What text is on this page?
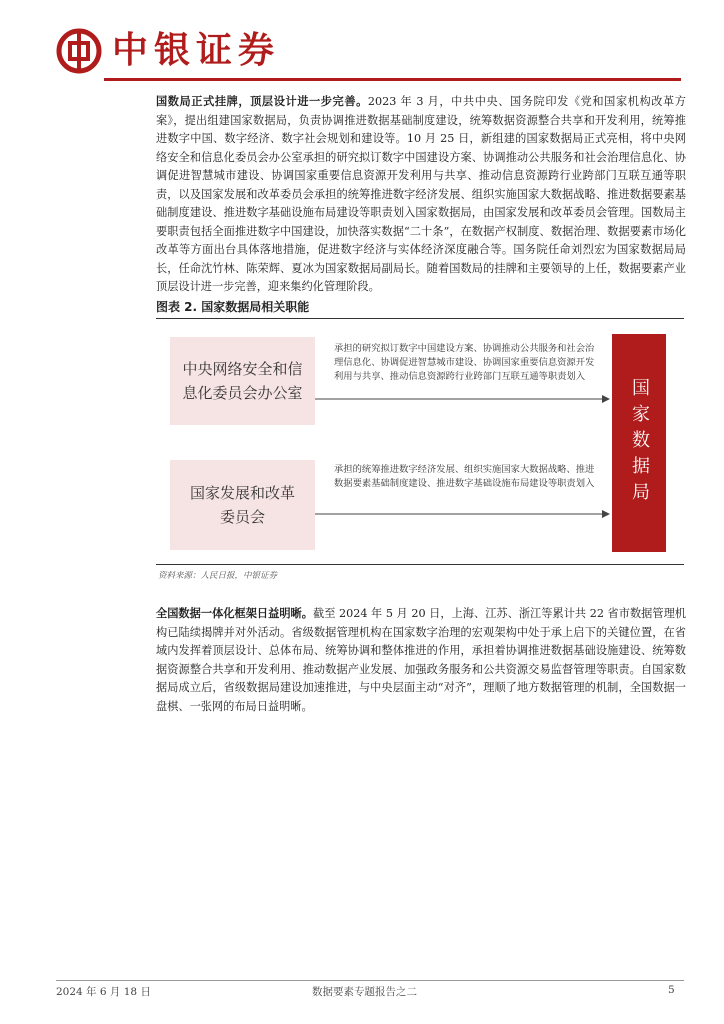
中银证券

国数局正式挂牌，顶层设计进一步完善。2023 年 3 月，中共中央、国务院印发《党和国家机构改革方案》，提出组建国家数据局，负责协调推进数据基础制度建设，统筹数据资源整合共享和开发利用，统筹推进数字中国、数字经济、数字社会规划和建设等。10 月 25 日，新组建的国家数据局正式亮相，将中央网络安全和信息化委员会办公室承担的研究拟订数字中国建设方案、协调推动公共服务和社会治理信息化、协调促进智慧城市建设、协调国家重要信息资源开发利用与共享、推动信息资源跨行业跨部门互联互通等职责，以及国家发展和改革委员会承担的统筹推进数字经济发展、组织实施国家大数据战略、推进数据要素基础制度建设、推进数字基础设施布局建设等职责划入国家数据局，由国家发展和改革委员会管理。国数局主要职责包括全面推进数字中国建设，加快落实数据“二十条”，在数据产权制度、数据治理、数据要素市场化改革等方面出台具体落地措施，促进数字经济与实体经济深度融合等。国务院任命刘烈宏为国家数据局局长，任命沈竹林、陈荣辉、夏冰为国家数据局副局长。随着国数局的挂牌和主要领导的上任，数据要素产业顶层设计进一步完善，迎来集约化管理阶段。

图表 2. 国家数据局相关职能
中央网络安全和信息化委员会办公室
国家发展和改革委员会
承担的研究拟订数字中国建设方案、协调推动公共服务和社会治理信息化、协调促进智慧城市建设、协调国家重要信息资源开发利用与共享、推动信息资源跨行业跨部门互联互通等职责划入
承担的统筹推进数字经济发展、组织实施国家大数据战略、推进数据要素基础制度建设、推进数字基础设施布局建设等职责划入 国家数据局
资料来源：人民日报，中银证券

全国数据一体化框架日益明晰。截至 2024 年 5 月 20 日，上海、江苏、浙江等累计共 22 省市数据管理机构已陆续揭牌并对外活动。省级数据管理机构在国家数字治理的宏观架构中处于承上启下的关键位置，在省域内发挥着顶层设计、总体布局、统筹协调和整体推进的作用，承担着协调推进数据基础设施建设、统筹数据资源整合共享和开发利用、推动数据产业发展、加强政务服务和公共资源交易监督管理等职责。自国家数据局成立后，省级数据局建设加速推进，与中央层面主动“对齐”，理顺了地方数据管理的机制，全国数据一盘棋、一张网的布局日益明晰。

2024 年 6 月 18 日	数据要素专题报告之二	5
